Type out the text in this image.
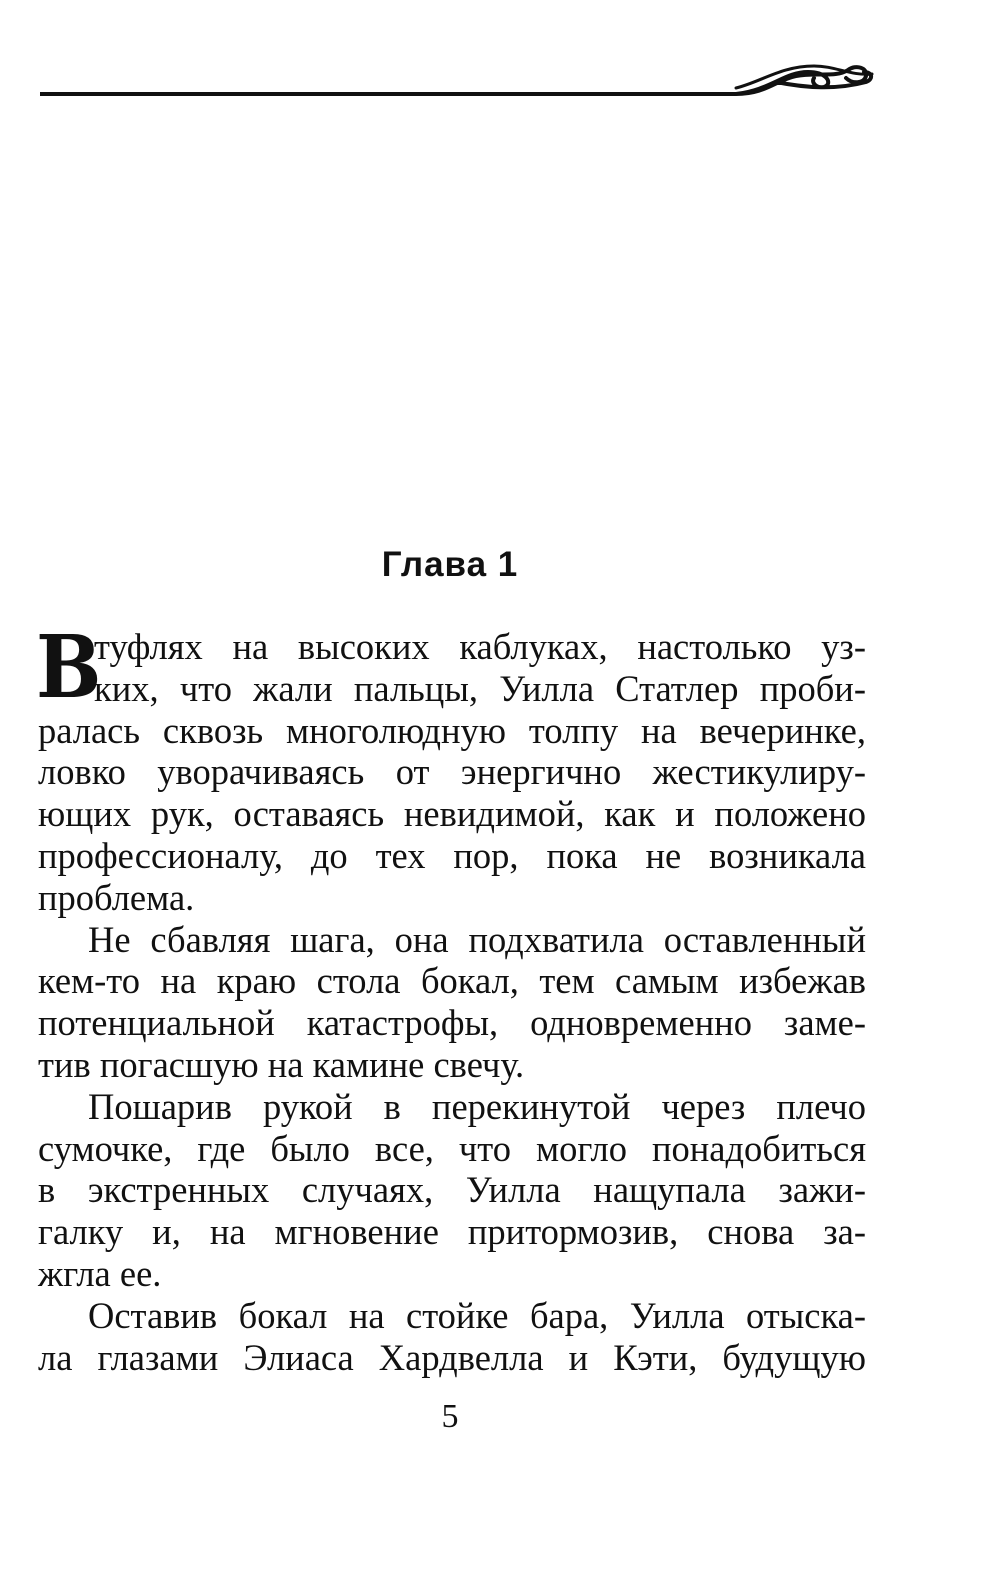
Глава 1
В

туфлях на высоких каблуках, настолько уз-
ких, что жали пальцы, Уилла Статлер проби-
ралась сквозь многолюдную толпу на вечеринке,
ловко уворачиваясь от энергично жестикулиру-
ющих рук, оставаясь невидимой, как и положено
профессионалу, до тех пор, пока не возникала
проблема.

Не сбавляя шага, она подхватила оставленный
кем-то на краю стола бокал, тем самым избежав
потенциальной катастрофы, одновременно заме-
тив погасшую на камине свечу.

Пошарив рукой в перекинутой через плечо
сумочке, где было все, что могло понадобиться
в экстренных случаях, Уилла нащупала зажи-
галку и, на мгновение притормозив, снова за-
жгла ее.

Оставив бокал на стойке бара, Уилла отыска-
ла глазами Элиаса Хардвелла и Кэти, будущую

5
